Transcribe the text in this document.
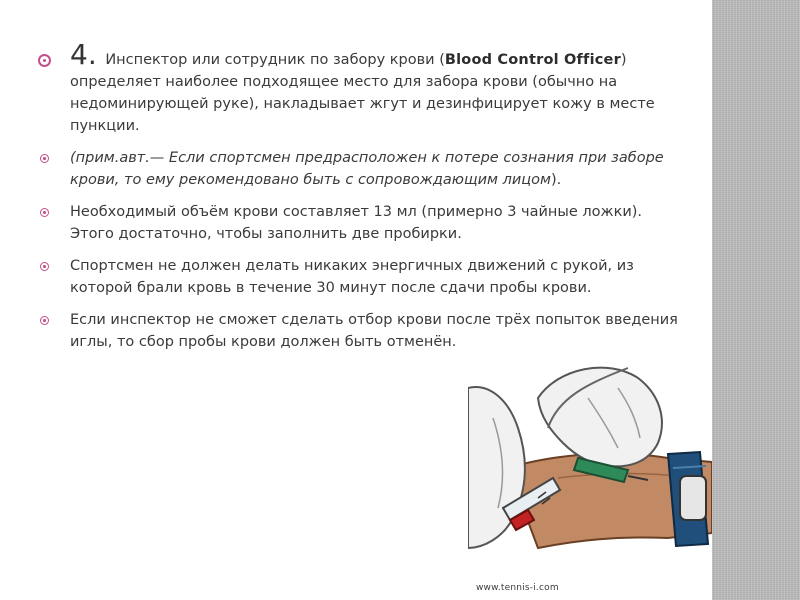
4. Инспектор или сотрудник по забору крови (Blood Control Officer) определяет наиболее подходящее место для забора крови (обычно на недоминирующей руке), накладывает жгут и дезинфицирует кожу в месте пункции.
(прим.авт.— Если спортсмен предрасположен к потере сознания при заборе крови, то ему рекомендовано быть с сопровождающим лицом).
Необходимый объём крови составляет 13 мл (примерно 3 чайные ложки). Этого достаточно, чтобы заполнить две пробирки.
Спортсмен не должен делать никаких энергичных движений с рукой, из которой брали кровь в течение 30 минут после сдачи пробы крови.
Если инспектор не сможет сделать отбор крови после трёх попыток введения иглы, то сбор пробы крови должен быть отменён.
www.tennis-i.com
